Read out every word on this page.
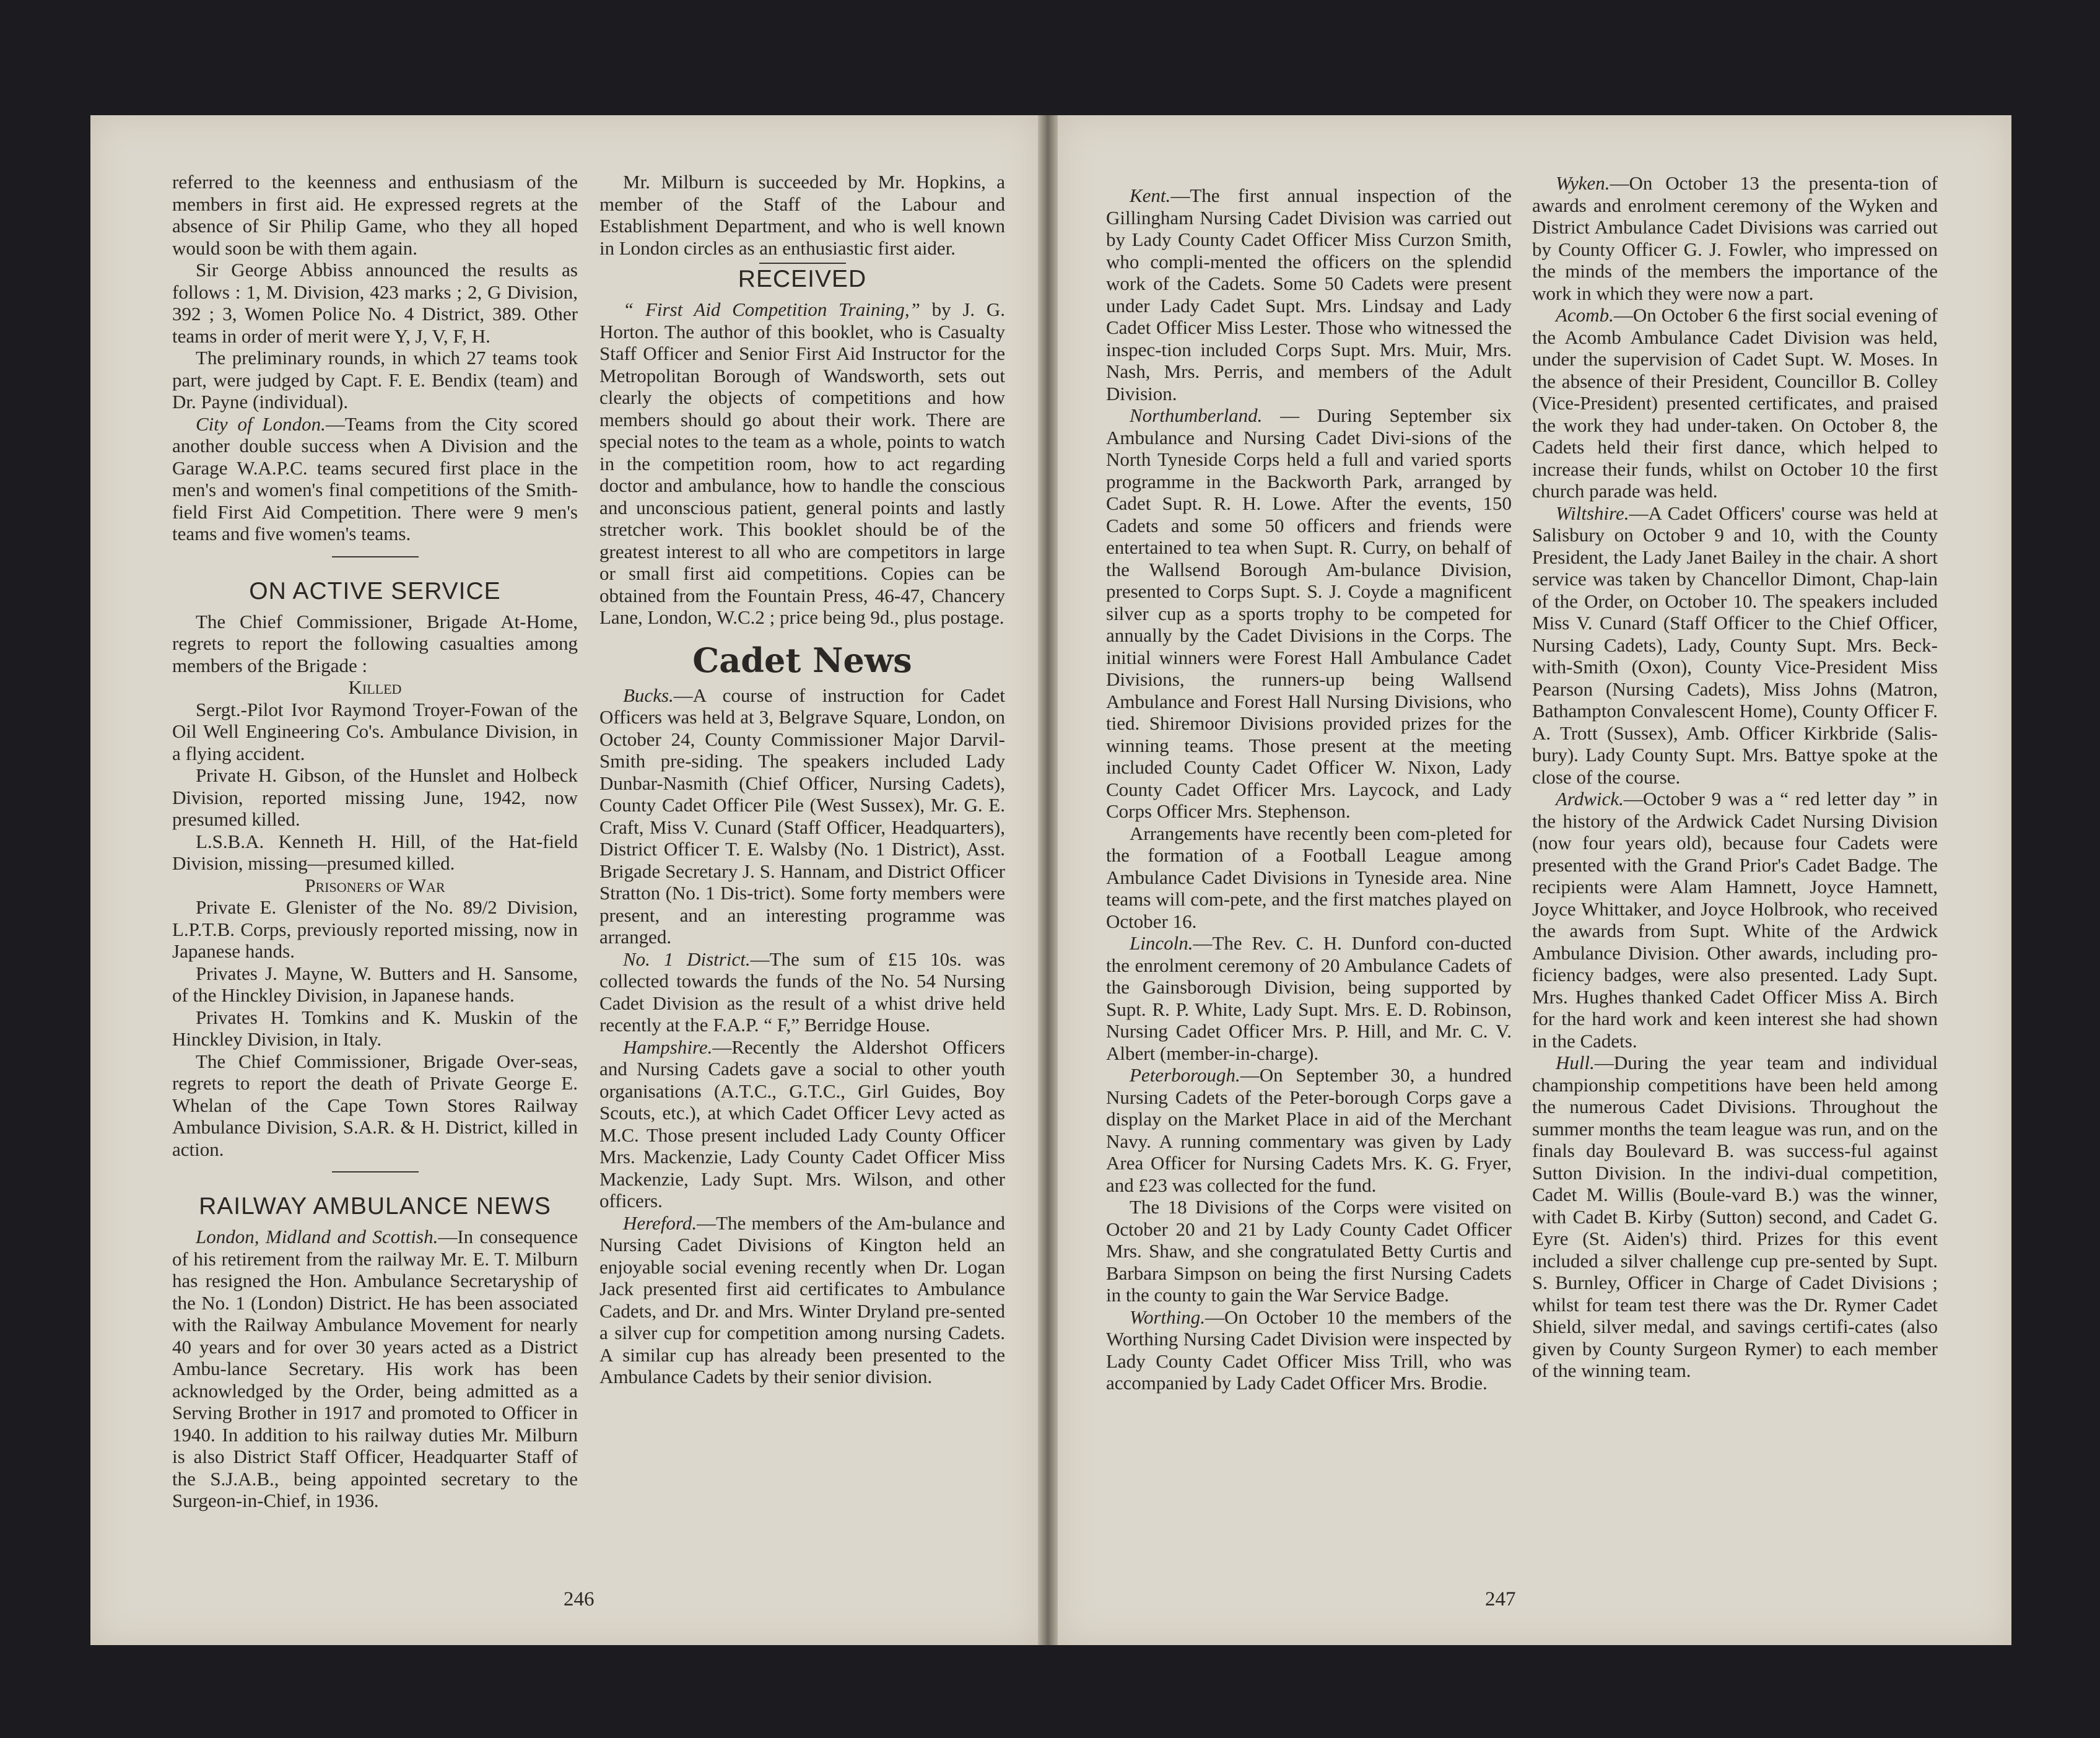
referred to the keenness and enthusiasm of the members in first aid. He expressed regrets at the absence of Sir Philip Game, who they all hoped would soon be with them again.

Sir George Abbiss announced the results as follows : 1, M. Division, 423 marks ; 2, G Division, 392 ; 3, Women Police No. 4 District, 389. Other teams in order of merit were Y, J, V, F, H.

The preliminary rounds, in which 27 teams took part, were judged by Capt. F. E. Bendix (team) and Dr. Payne (individual).

City of London.—Teams from the City scored another double success when A Division and the Garage W.A.P.C. teams secured first place in the men's and women's final competitions of the Smith-field First Aid Competition. There were 9 men's teams and five women's teams.

ON ACTIVE SERVICE

The Chief Commissioner, Brigade At-Home, regrets to report the following casualties among members of the Brigade :

Killed

Sergt.-Pilot Ivor Raymond Troyer-Fowan of the Oil Well Engineering Co's. Ambulance Division, in a flying accident.

Private H. Gibson, of the Hunslet and Holbeck Division, reported missing June, 1942, now presumed killed.

L.S.B.A. Kenneth H. Hill, of the Hat-field Division, missing—presumed killed.

Prisoners of War

Private E. Glenister of the No. 89/2 Division, L.P.T.B. Corps, previously reported missing, now in Japanese hands.

Privates J. Mayne, W. Butters and H. Sansome, of the Hinckley Division, in Japanese hands.

Privates H. Tomkins and K. Muskin of the Hinckley Division, in Italy.

The Chief Commissioner, Brigade Over-seas, regrets to report the death of Private George E. Whelan of the Cape Town Stores Railway Ambulance Division, S.A.R. & H. District, killed in action.

RAILWAY AMBULANCE NEWS

London, Midland and Scottish.—In consequence of his retirement from the railway Mr. E. T. Milburn has resigned the Hon. Ambulance Secretaryship of the No. 1 (London) District. He has been associated with the Railway Ambulance Movement for nearly 40 years and for over 30 years acted as a District Ambu-lance Secretary. His work has been acknowledged by the Order, being admitted as a Serving Brother in 1917 and promoted to Officer in 1940. In addition to his railway duties Mr. Milburn is also District Staff Officer, Headquarter Staff of the S.J.A.B., being appointed secretary to the Surgeon-in-Chief, in 1936.

Mr. Milburn is succeeded by Mr. Hopkins, a member of the Staff of the Labour and Establishment Department, and who is well known in London circles as an enthusiastic first aider.

RECEIVED

“ First Aid Competition Training,” by J. G. Horton. The author of this booklet, who is Casualty Staff Officer and Senior First Aid Instructor for the Metropolitan Borough of Wandsworth, sets out clearly the objects of competitions and how members should go about their work. There are special notes to the team as a whole, points to watch in the competition room, how to act regarding doctor and ambulance, how to handle the conscious and unconscious patient, general points and lastly stretcher work. This booklet should be of the greatest interest to all who are competitors in large or small first aid competitions. Copies can be obtained from the Fountain Press, 46-47, Chancery Lane, London, W.C.2 ; price being 9d., plus postage.

Cadet News

Bucks.—A course of instruction for Cadet Officers was held at 3, Belgrave Square, London, on October 24, County Commissioner Major Darvil-Smith pre-siding. The speakers included Lady Dunbar-Nasmith (Chief Officer, Nursing Cadets), County Cadet Officer Pile (West Sussex), Mr. G. E. Craft, Miss V. Cunard (Staff Officer, Headquarters), District Officer T. E. Walsby (No. 1 District), Asst. Brigade Secretary J. S. Hannam, and District Officer Stratton (No. 1 Dis-trict). Some forty members were present, and an interesting programme was arranged.

No. 1 District.—The sum of £15 10s. was collected towards the funds of the No. 54 Nursing Cadet Division as the result of a whist drive held recently at the F.A.P. “ F,” Berridge House.

Hampshire.—Recently the Aldershot Officers and Nursing Cadets gave a social to other youth organisations (A.T.C., G.T.C., Girl Guides, Boy Scouts, etc.), at which Cadet Officer Levy acted as M.C. Those present included Lady County Officer Mrs. Mackenzie, Lady County Cadet Officer Miss Mackenzie, Lady Supt. Mrs. Wilson, and other officers.

Hereford.—The members of the Am-bulance and Nursing Cadet Divisions of Kington held an enjoyable social evening recently when Dr. Logan Jack presented first aid certificates to Ambulance Cadets, and Dr. and Mrs. Winter Dryland pre-sented a silver cup for competition among nursing Cadets. A similar cup has already been presented to the Ambulance Cadets by their senior division.

246

Kent.—The first annual inspection of the Gillingham Nursing Cadet Division was carried out by Lady County Cadet Officer Miss Curzon Smith, who compli-mented the officers on the splendid work of the Cadets. Some 50 Cadets were present under Lady Cadet Supt. Mrs. Lindsay and Lady Cadet Officer Miss Lester. Those who witnessed the inspec-tion included Corps Supt. Mrs. Muir, Mrs. Nash, Mrs. Perris, and members of the Adult Division.

Northumberland. — During September six Ambulance and Nursing Cadet Divi-sions of the North Tyneside Corps held a full and varied sports programme in the Backworth Park, arranged by Cadet Supt. R. H. Lowe. After the events, 150 Cadets and some 50 officers and friends were entertained to tea when Supt. R. Curry, on behalf of the Wallsend Borough Am-bulance Division, presented to Corps Supt. S. J. Coyde a magnificent silver cup as a sports trophy to be competed for annually by the Cadet Divisions in the Corps. The initial winners were Forest Hall Ambulance Cadet Divisions, the runners-up being Wallsend Ambulance and Forest Hall Nursing Divisions, who tied. Shiremoor Divisions provided prizes for the winning teams. Those present at the meeting included County Cadet Officer W. Nixon, Lady County Cadet Officer Mrs. Laycock, and Lady Corps Officer Mrs. Stephenson.

Arrangements have recently been com-pleted for the formation of a Football League among Ambulance Cadet Divisions in Tyneside area. Nine teams will com-pete, and the first matches played on October 16.

Lincoln.—The Rev. C. H. Dunford con-ducted the enrolment ceremony of 20 Ambulance Cadets of the Gainsborough Division, being supported by Supt. R. P. White, Lady Supt. Mrs. E. D. Robinson, Nursing Cadet Officer Mrs. P. Hill, and Mr. C. V. Albert (member-in-charge).

Peterborough.—On September 30, a hundred Nursing Cadets of the Peter-borough Corps gave a display on the Market Place in aid of the Merchant Navy. A running commentary was given by Lady Area Officer for Nursing Cadets Mrs. K. G. Fryer, and £23 was collected for the fund.

The 18 Divisions of the Corps were visited on October 20 and 21 by Lady County Cadet Officer Mrs. Shaw, and she congratulated Betty Curtis and Barbara Simpson on being the first Nursing Cadets in the county to gain the War Service Badge.

Worthing.—On October 10 the members of the Worthing Nursing Cadet Division were inspected by Lady County Cadet Officer Miss Trill, who was accompanied by Lady Cadet Officer Mrs. Brodie.

Wyken.—On October 13 the presenta-tion of awards and enrolment ceremony of the Wyken and District Ambulance Cadet Divisions was carried out by County Officer G. J. Fowler, who impressed on the minds of the members the importance of the work in which they were now a part.

Acomb.—On October 6 the first social evening of the Acomb Ambulance Cadet Division was held, under the supervision of Cadet Supt. W. Moses. In the absence of their President, Councillor B. Colley (Vice-President) presented certificates, and praised the work they had under-taken. On October 8, the Cadets held their first dance, which helped to increase their funds, whilst on October 10 the first church parade was held.

Wiltshire.—A Cadet Officers' course was held at Salisbury on October 9 and 10, with the County President, the Lady Janet Bailey in the chair. A short service was taken by Chancellor Dimont, Chap-lain of the Order, on October 10. The speakers included Miss V. Cunard (Staff Officer to the Chief Officer, Nursing Cadets), Lady, County Supt. Mrs. Beck-with-Smith (Oxon), County Vice-President Miss Pearson (Nursing Cadets), Miss Johns (Matron, Bathampton Convalescent Home), County Officer F. A. Trott (Sussex), Amb. Officer Kirkbride (Salis-bury). Lady County Supt. Mrs. Battye spoke at the close of the course.

Ardwick.—October 9 was a “ red letter day ” in the history of the Ardwick Cadet Nursing Division (now four years old), because four Cadets were presented with the Grand Prior's Cadet Badge. The recipients were Alam Hamnett, Joyce Hamnett, Joyce Whittaker, and Joyce Holbrook, who received the awards from Supt. White of the Ardwick Ambulance Division. Other awards, including pro-ficiency badges, were also presented. Lady Supt. Mrs. Hughes thanked Cadet Officer Miss A. Birch for the hard work and keen interest she had shown in the Cadets.

Hull.—During the year team and individual championship competitions have been held among the numerous Cadet Divisions. Throughout the summer months the team league was run, and on the finals day Boulevard B. was success-ful against Sutton Division. In the indivi-dual competition, Cadet M. Willis (Boule-vard B.) was the winner, with Cadet B. Kirby (Sutton) second, and Cadet G. Eyre (St. Aiden's) third. Prizes for this event included a silver challenge cup pre-sented by Supt. S. Burnley, Officer in Charge of Cadet Divisions ; whilst for team test there was the Dr. Rymer Cadet Shield, silver medal, and savings certifi-cates (also given by County Surgeon Rymer) to each member of the winning team.

247
